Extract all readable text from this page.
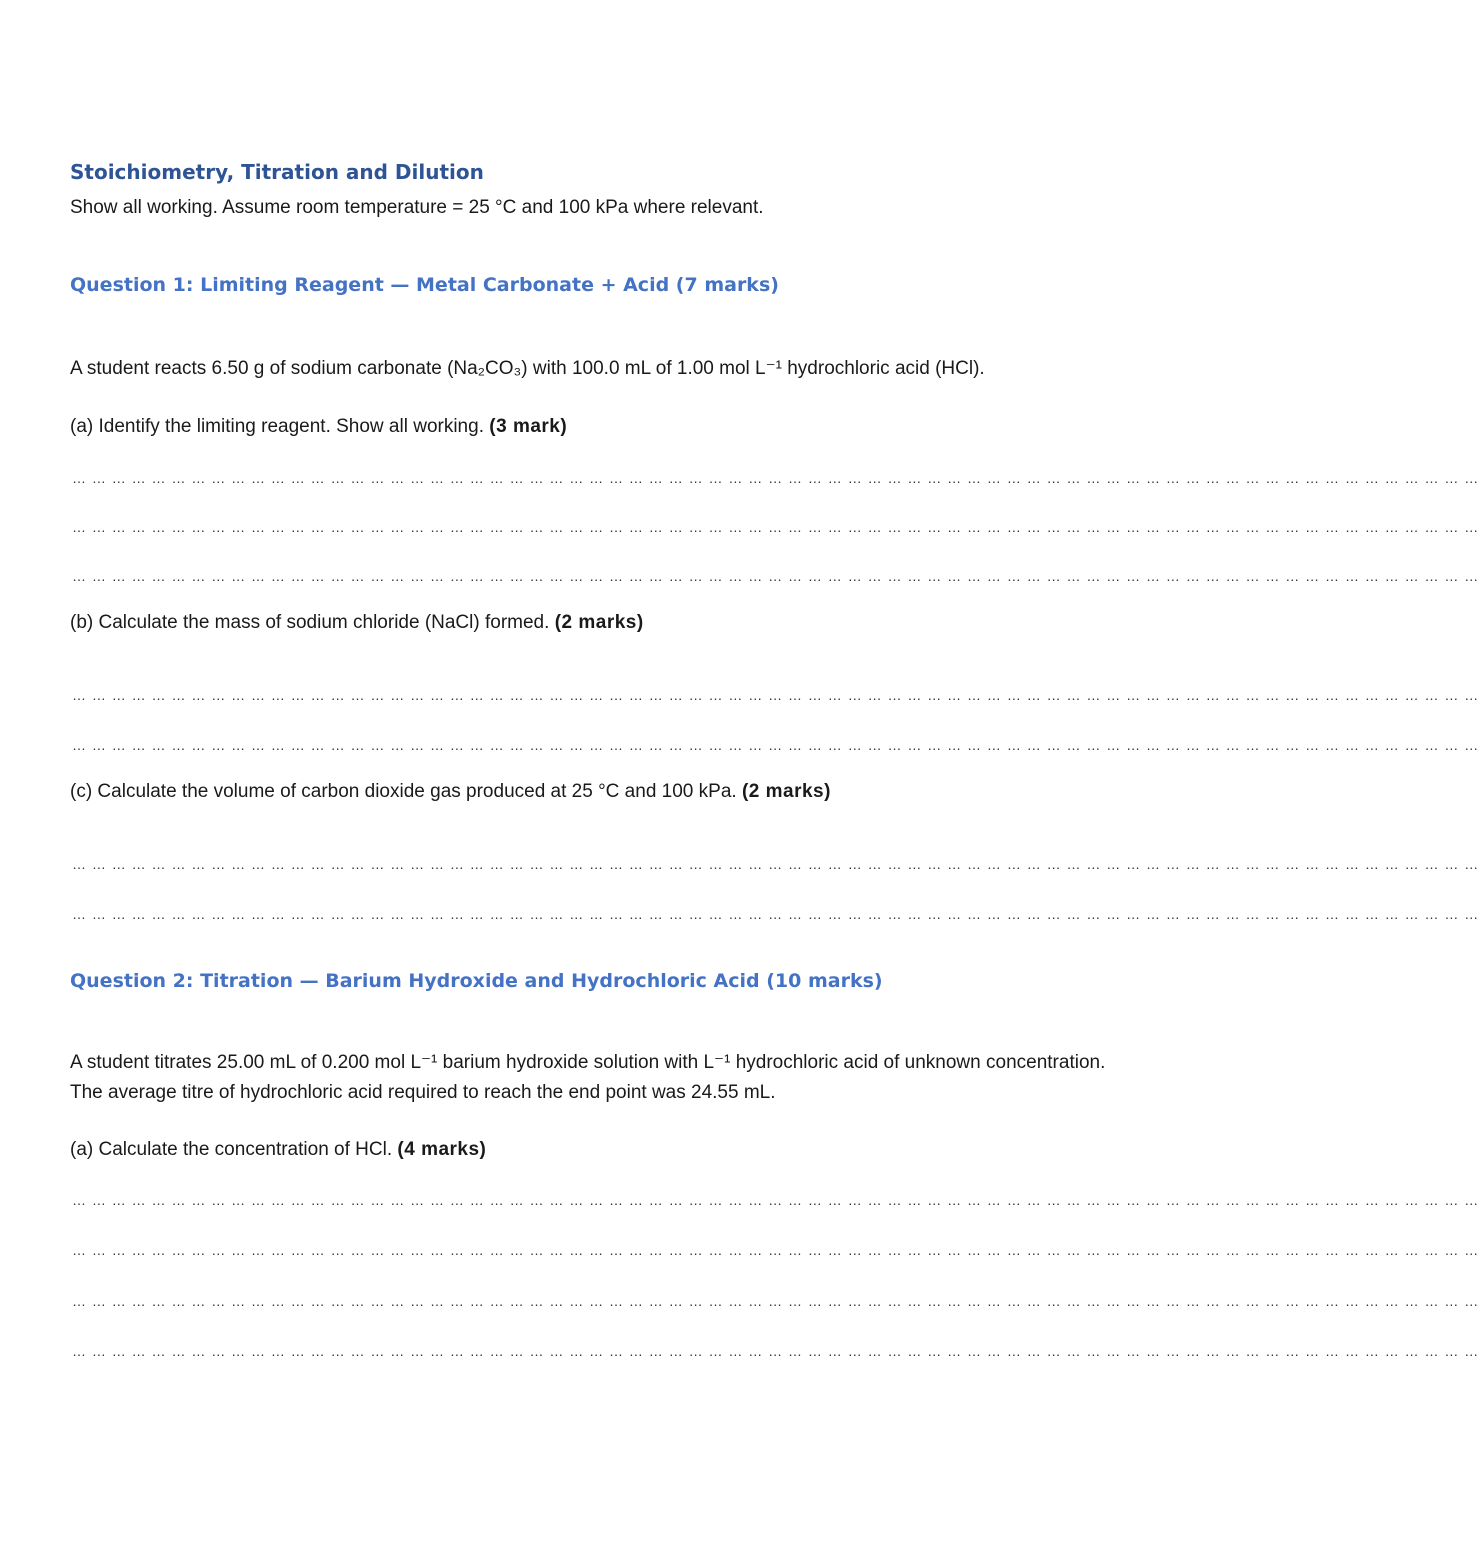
Stoichiometry, Titration and Dilution
Show all working. Assume room temperature = 25 °C and 100 kPa where relevant.
Question 1: Limiting Reagent — Metal Carbonate + Acid (7 marks)
A student reacts 6.50 g of sodium carbonate (Na₂CO₃) with 100.0 mL of 1.00 mol L⁻¹ hydrochloric acid (HCl).
(a) Identify the limiting reagent. Show all working. (3 mark)
… … … … … … … … … … … … … … … … … … … … … … … … … … … … … … … … … … … … … … … … … … … … … … … … … … … … … … … … … … … … … … … … … … … … … … …
… … … … … … … … … … … … … … … … … … … … … … … … … … … … … … … … … … … … … … … … … … … … … … … … … … … … … … … … … … … … … … … … … … … … … … …
… … … … … … … … … … … … … … … … … … … … … … … … … … … … … … … … … … … … … … … … … … … … … … … … … … … … … … … … … … … … … … … … … … … … … … …
(b) Calculate the mass of sodium chloride (NaCl) formed. (2 marks)
… … … … … … … … … … … … … … … … … … … … … … … … … … … … … … … … … … … … … … … … … … … … … … … … … … … … … … … … … … … … … … … … … … … … … … …
… … … … … … … … … … … … … … … … … … … … … … … … … … … … … … … … … … … … … … … … … … … … … … … … … … … … … … … … … … … … … … … … … … … … … … …
(c) Calculate the volume of carbon dioxide gas produced at 25 °C and 100 kPa. (2 marks)
… … … … … … … … … … … … … … … … … … … … … … … … … … … … … … … … … … … … … … … … … … … … … … … … … … … … … … … … … … … … … … … … … … … … … … …
… … … … … … … … … … … … … … … … … … … … … … … … … … … … … … … … … … … … … … … … … … … … … … … … … … … … … … … … … … … … … … … … … … … … … … …
Question 2: Titration — Barium Hydroxide and Hydrochloric Acid (10 marks)
A student titrates 25.00 mL of 0.200 mol L⁻¹ barium hydroxide solution with L⁻¹ hydrochloric acid of unknown concentration. The average titre of hydrochloric acid required to reach the end point was 24.55 mL.
(a) Calculate the concentration of HCl. (4 marks)
… … … … … … … … … … … … … … … … … … … … … … … … … … … … … … … … … … … … … … … … … … … … … … … … … … … … … … … … … … … … … … … … … … … … … … …
… … … … … … … … … … … … … … … … … … … … … … … … … … … … … … … … … … … … … … … … … … … … … … … … … … … … … … … … … … … … … … … … … … … … … … …
… … … … … … … … … … … … … … … … … … … … … … … … … … … … … … … … … … … … … … … … … … … … … … … … … … … … … … … … … … … … … … … … … … … … … … …
… … … … … … … … … … … … … … … … … … … … … … … … … … … … … … … … … … … … … … … … … … … … … … … … … … … … … … … … … … … … … … … … … … … … … … …
